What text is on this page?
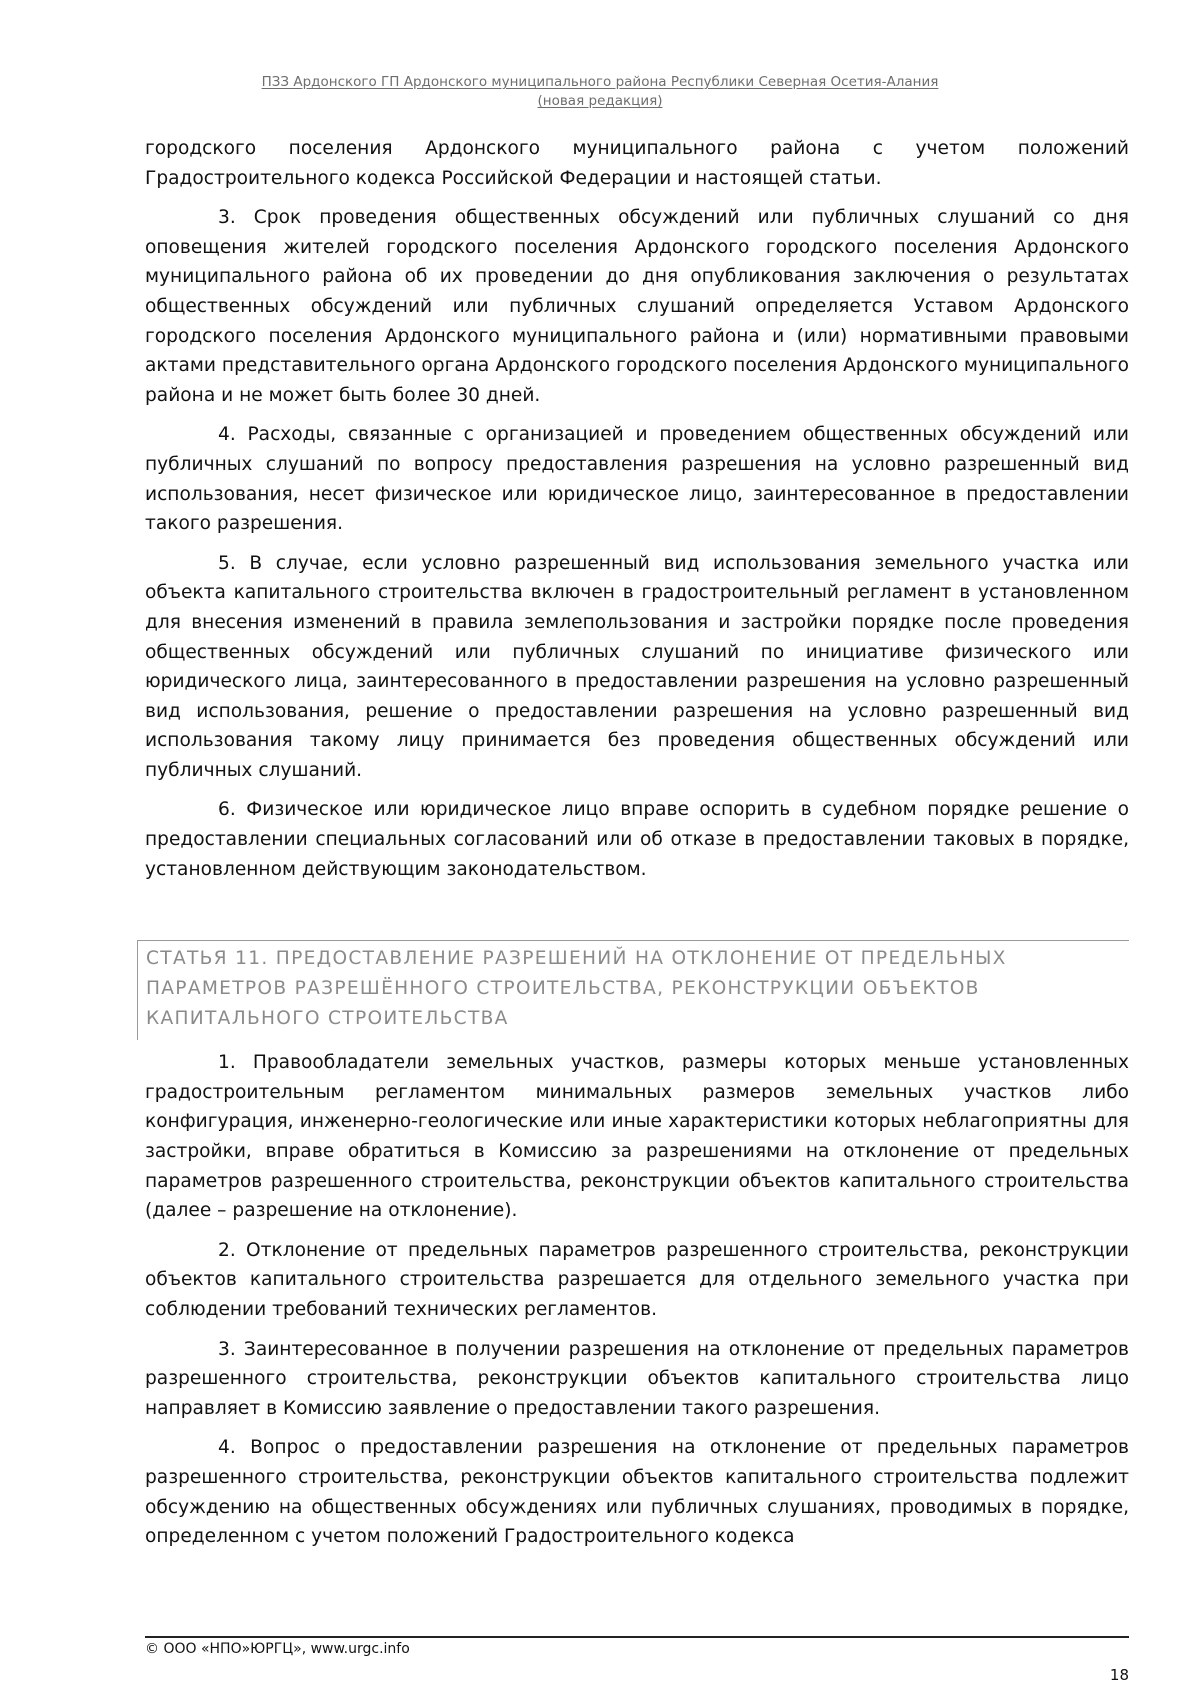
ПЗЗ Ардонского ГП Ардонского муниципального района Республики Северная Осетия-Алания
(новая редакция)

городского поселения Ардонского муниципального района с учетом положений Градостроительного кодекса Российской Федерации и настоящей статьи.

3. Срок проведения общественных обсуждений или публичных слушаний со дня оповещения жителей городского поселения Ардонского городского поселения Ардонского муниципального района об их проведении до дня опубликования заключения о результатах общественных обсуждений или публичных слушаний определяется Уставом Ардонского городского поселения Ардонского муниципального района и (или) нормативными правовыми актами представительного органа Ардонского городского поселения Ардонского муниципального района и не может быть более 30 дней.

4. Расходы, связанные с организацией и проведением общественных обсуждений или публичных слушаний по вопросу предоставления разрешения на условно разрешенный вид использования, несет физическое или юридическое лицо, заинтересованное в предоставлении такого разрешения.

5. В случае, если условно разрешенный вид использования земельного участка или объекта капитального строительства включен в градостроительный регламент в установленном для внесения изменений в правила землепользования и застройки порядке после проведения общественных обсуждений или публичных слушаний по инициативе физического или юридического лица, заинтересованного в предоставлении разрешения на условно разрешенный вид использования, решение о предоставлении разрешения на условно разрешенный вид использования такому лицу принимается без проведения общественных обсуждений или публичных слушаний.

6. Физическое или юридическое лицо вправе оспорить в судебном порядке решение о предоставлении специальных согласований или об отказе в предоставлении таковых в порядке, установленном действующим законодательством.

СТАТЬЯ 11. ПРЕДОСТАВЛЕНИЕ РАЗРЕШЕНИЙ НА ОТКЛОНЕНИЕ ОТ ПРЕДЕЛЬНЫХ ПАРАМЕТРОВ РАЗРЕШЁННОГО СТРОИТЕЛЬСТВА, РЕКОНСТРУКЦИИ ОБЪЕКТОВ КАПИТАЛЬНОГО СТРОИТЕЛЬСТВА

1. Правообладатели земельных участков, размеры которых меньше установленных градостроительным регламентом минимальных размеров земельных участков либо конфигурация, инженерно-геологические или иные характеристики которых неблагоприятны для застройки, вправе обратиться в Комиссию за разрешениями на отклонение от предельных параметров разрешенного строительства, реконструкции объектов капитального строительства (далее – разрешение на отклонение).

2. Отклонение от предельных параметров разрешенного строительства, реконструкции объектов капитального строительства разрешается для отдельного земельного участка при соблюдении требований технических регламентов.

3. Заинтересованное в получении разрешения на отклонение от предельных параметров разрешенного строительства, реконструкции объектов капитального строительства лицо направляет в Комиссию заявление о предоставлении такого разрешения.

4. Вопрос о предоставлении разрешения на отклонение от предельных параметров разрешенного строительства, реконструкции объектов капитального строительства подлежит обсуждению на общественных обсуждениях или публичных слушаниях, проводимых в порядке, определенном с учетом положений Градостроительного кодекса

© ООО «НПО»ЮРГЦ», www.urgc.info
18
